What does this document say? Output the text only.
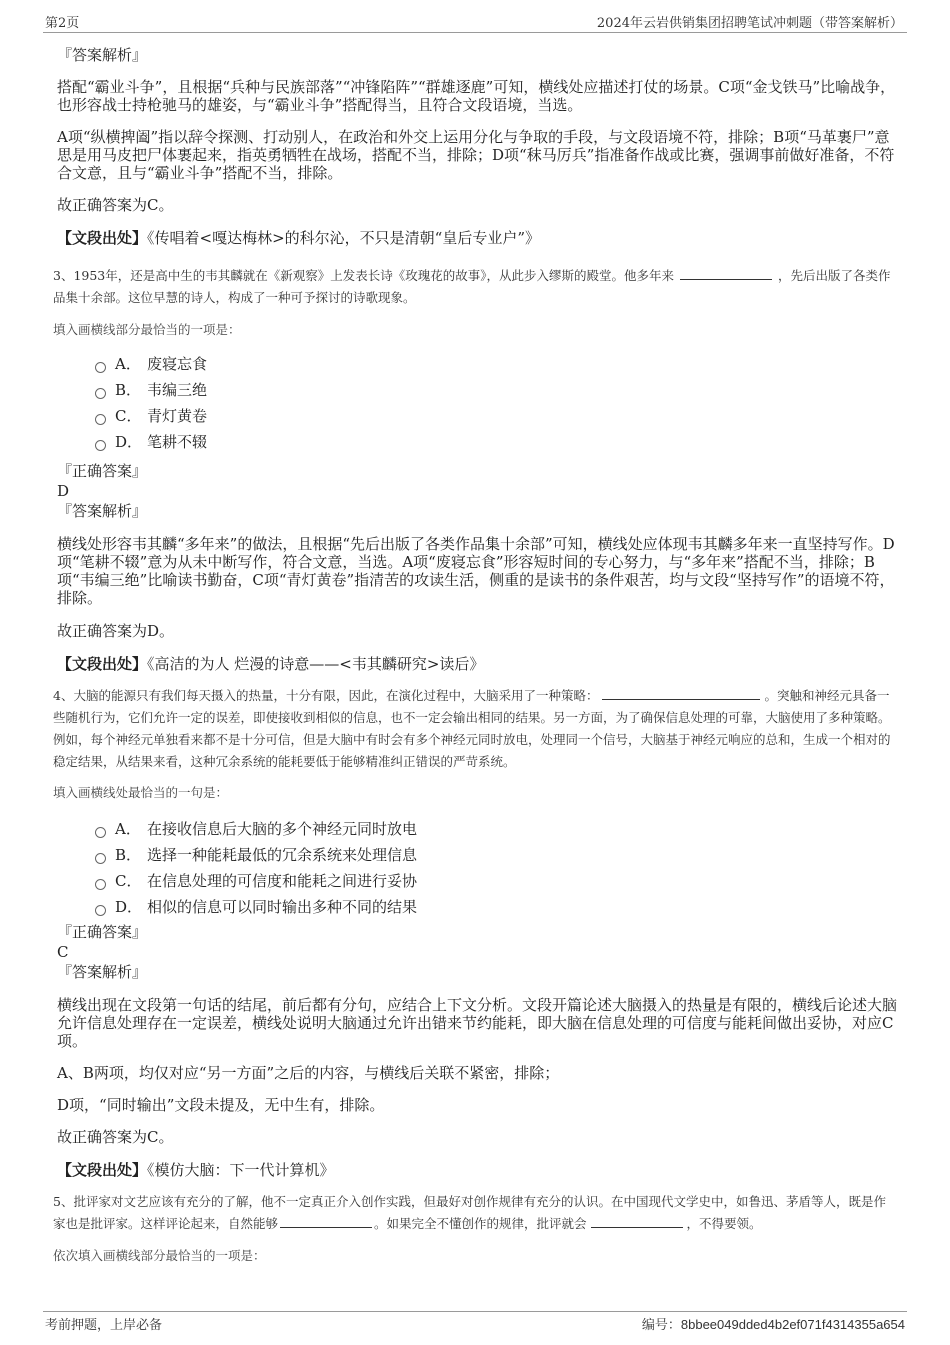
第2页	2024年云岩供销集团招聘笔试冲刺题（带答案解析）
『答案解析』

搭配“霸业斗争”，且根据“兵种与民族部落”“冲锋陷阵”“群雄逐鹿”可知，横线处应描述打仗的场景。C项“金戈铁马”比喻战争，也形容战士持枪驰马的雄姿，与“霸业斗争”搭配得当，且符合文段语境，当选。

A项“纵横捭阖”指以辞令探测、打动别人，在政治和外交上运用分化与争取的手段，与文段语境不符，排除；B项“马革裹尸”意思是用马皮把尸体裹起来，指英勇牺牲在战场，搭配不当，排除；D项“秣马厉兵”指准备作战或比赛，强调事前做好准备，不符合文意，且与“霸业斗争”搭配不当，排除。

故正确答案为C。

【文段出处】《传唱着<嘎达梅林>的科尔沁，不只是清朝“皇后专业户”》

3、1953年，还是高中生的韦其麟就在《新观察》上发表长诗《玫瑰花的故事》，从此步入缪斯的殿堂。他多年来	，先后出版了各类作品集十余部。这位早慧的诗人，构成了一种可予探讨的诗歌现象。
填入画横线部分最恰当的一项是：
A． 废寝忘食
B． 韦编三绝
C． 青灯黄卷
D． 笔耕不辍
『正确答案』
D
『答案解析』

横线处形容韦其麟“多年来”的做法，且根据“先后出版了各类作品集十余部”可知，横线处应体现韦其麟多年来一直坚持写作。D项“笔耕不辍”意为从未中断写作，符合文意，当选。A项“废寝忘食”形容短时间的专心努力，与“多年来”搭配不当，排除；B项“韦编三绝”比喻读书勤奋，C项“青灯黄卷”指清苦的攻读生活，侧重的是读书的条件艰苦，均与文段“坚持写作”的语境不符，排除。

故正确答案为D。

【文段出处】《高洁的为人 烂漫的诗意——<韦其麟研究>读后》

4、大脑的能源只有我们每天摄入的热量，十分有限，因此，在演化过程中，大脑采用了一种策略：	。突触和神经元具备一些随机行为，它们允许一定的误差，即使接收到相似的信息，也不一定会输出相同的结果。另一方面，为了确保信息处理的可靠，大脑使用了多种策略。例如，每个神经元单独看来都不是十分可信，但是大脑中有时会有多个神经元同时放电，处理同一个信号，大脑基于神经元响应的总和，生成一个相对的稳定结果，从结果来看，这种冗余系统的能耗要低于能够精准纠正错误的严苛系统。
填入画横线处最恰当的一句是：
A． 在接收信息后大脑的多个神经元同时放电
B． 选择一种能耗最低的冗余系统来处理信息
C． 在信息处理的可信度和能耗之间进行妥协
D． 相似的信息可以同时输出多种不同的结果
『正确答案』
C
『答案解析』

横线出现在文段第一句话的结尾，前后都有分句，应结合上下文分析。文段开篇论述大脑摄入的热量是有限的，横线后论述大脑允许信息处理存在一定误差，横线处说明大脑通过允许出错来节约能耗，即大脑在信息处理的可信度与能耗间做出妥协，对应C项。

A、B两项，均仅对应“另一方面”之后的内容，与横线后关联不紧密，排除；

D项，“同时输出”文段未提及，无中生有，排除。

故正确答案为C。

【文段出处】《模仿大脑：下一代计算机》

5、批评家对文艺应该有充分的了解，他不一定真正介入创作实践，但最好对创作规律有充分的认识。在中国现代文学史中，如鲁迅、茅盾等人，既是作家也是批评家。这样评论起来，自然能够	。如果完全不懂创作的规律，批评就会	，不得要领。
依次填入画横线部分最恰当的一项是：
考前押题，上岸必备	编号：8bbee049dded4b2ef071f4314355a654
